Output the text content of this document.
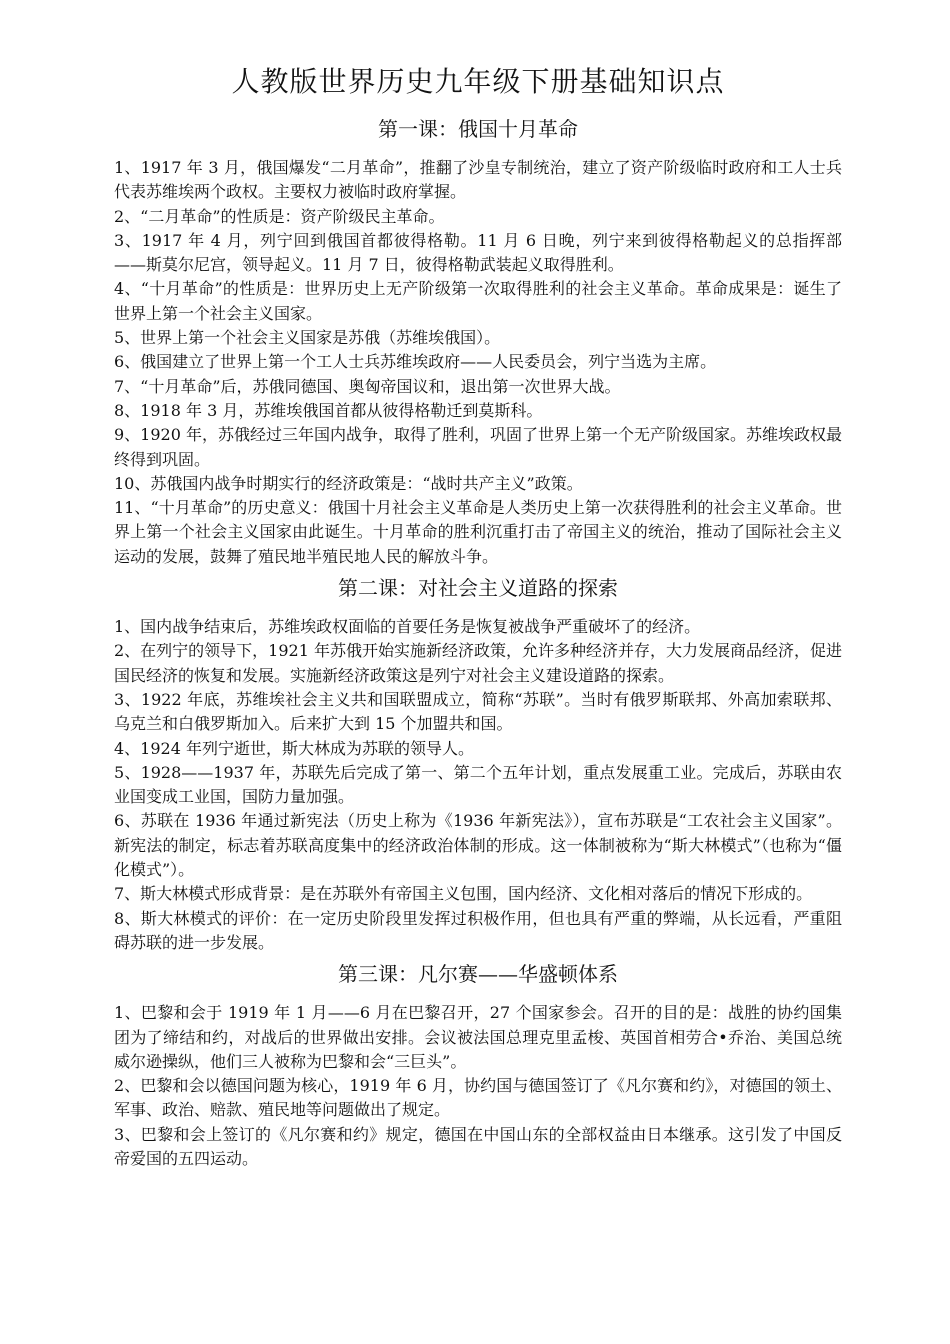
人教版世界历史九年级下册基础知识点
第一课：俄国十月革命

1、1917 年 3 月，俄国爆发“二月革命”，推翻了沙皇专制统治，建立了资产阶级临时政府和工人士兵代表苏维埃两个政权。主要权力被临时政府掌握。

2、“二月革命”的性质是：资产阶级民主革命。

3、1917 年 4 月，列宁回到俄国首都彼得格勒。11 月 6 日晚，列宁来到彼得格勒起义的总指挥部——斯莫尔尼宫，领导起义。11 月 7 日，彼得格勒武装起义取得胜利。

4、“十月革命”的性质是：世界历史上无产阶级第一次取得胜利的社会主义革命。革命成果是：诞生了世界上第一个社会主义国家。

5、世界上第一个社会主义国家是苏俄（苏维埃俄国）。

6、俄国建立了世界上第一个工人士兵苏维埃政府——人民委员会，列宁当选为主席。

7、“十月革命”后，苏俄同德国、奥匈帝国议和，退出第一次世界大战。

8、1918 年 3 月，苏维埃俄国首都从彼得格勒迁到莫斯科。

9、1920 年，苏俄经过三年国内战争，取得了胜利，巩固了世界上第一个无产阶级国家。苏维埃政权最终得到巩固。

10、苏俄国内战争时期实行的经济政策是：“战时共产主义”政策。

11、“十月革命”的历史意义：俄国十月社会主义革命是人类历史上第一次获得胜利的社会主义革命。世界上第一个社会主义国家由此诞生。十月革命的胜利沉重打击了帝国主义的统治，推动了国际社会主义运动的发展，鼓舞了殖民地半殖民地人民的解放斗争。

第二课：对社会主义道路的探索

1、国内战争结束后，苏维埃政权面临的首要任务是恢复被战争严重破坏了的经济。

2、在列宁的领导下，1921 年苏俄开始实施新经济政策，允许多种经济并存，大力发展商品经济，促进国民经济的恢复和发展。实施新经济政策这是列宁对社会主义建设道路的探索。

3、1922 年底，苏维埃社会主义共和国联盟成立，简称“苏联”。当时有俄罗斯联邦、外高加索联邦、乌克兰和白俄罗斯加入。后来扩大到 15 个加盟共和国。

4、1924 年列宁逝世，斯大林成为苏联的领导人。

5、1928——1937 年，苏联先后完成了第一、第二个五年计划，重点发展重工业。完成后，苏联由农业国变成工业国，国防力量加强。

6、苏联在 1936 年通过新宪法（历史上称为《1936 年新宪法》），宣布苏联是“工农社会主义国家”。新宪法的制定，标志着苏联高度集中的经济政治体制的形成。这一体制被称为“斯大林模式”（也称为“僵化模式”）。

7、斯大林模式形成背景：是在苏联外有帝国主义包围，国内经济、文化相对落后的情况下形成的。

8、斯大林模式的评价：在一定历史阶段里发挥过积极作用，但也具有严重的弊端，从长远看，严重阻碍苏联的进一步发展。

第三课：凡尔赛——华盛顿体系

1、巴黎和会于 1919 年 1 月——6 月在巴黎召开，27 个国家参会。召开的目的是：战胜的协约国集团为了缔结和约，对战后的世界做出安排。会议被法国总理克里孟梭、英国首相劳合•乔治、美国总统威尔逊操纵，他们三人被称为巴黎和会“三巨头”。

2、巴黎和会以德国问题为核心，1919 年 6 月，协约国与德国签订了《凡尔赛和约》，对德国的领土、军事、政治、赔款、殖民地等问题做出了规定。

3、巴黎和会上签订的《凡尔赛和约》规定，德国在中国山东的全部权益由日本继承。这引发了中国反帝爱国的五四运动。
